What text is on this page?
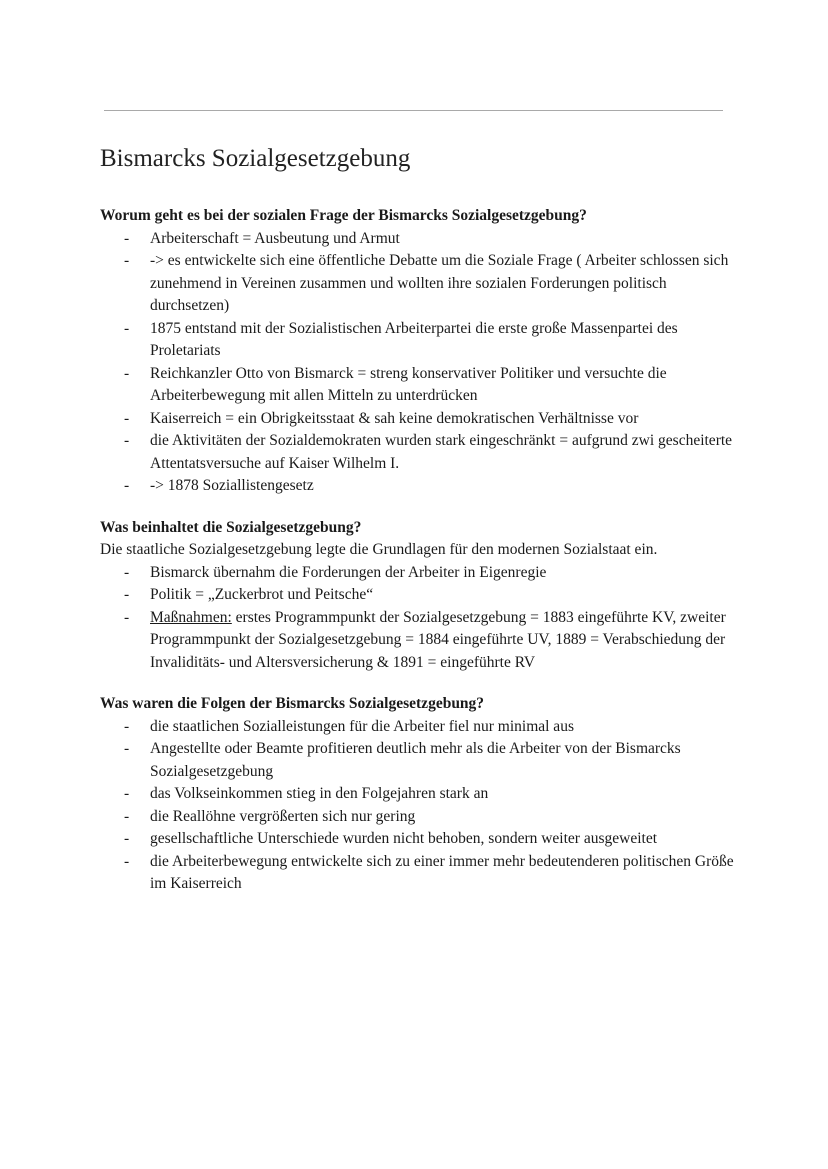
Bismarcks Sozialgesetzgebung

Worum geht es bei der sozialen Frage der Bismarcks Sozialgesetzgebung?

- Arbeiterschaft = Ausbeutung und Armut
- -> es entwickelte sich eine öffentliche Debatte um die Soziale Frage ( Arbeiter schlossen sich zunehmend in Vereinen zusammen und wollten ihre sozialen Forderungen politisch durchsetzen)
- 1875 entstand mit der Sozialistischen Arbeiterpartei die erste große Massenpartei des Proletariats
- Reichkanzler Otto von Bismarck = streng konservativer Politiker und versuchte die Arbeiterbewegung mit allen Mitteln zu unterdrücken
- Kaiserreich = ein Obrigkeitsstaat & sah keine demokratischen Verhältnisse vor
- die Aktivitäten der Sozialdemokraten wurden stark eingeschränkt = aufgrund zwi gescheiterte Attentatsversuche auf Kaiser Wilhelm I.
- -> 1878 Soziallistengesetz

Was beinhaltet die Sozialgesetzgebung?

Die staatliche Sozialgesetzgebung legte die Grundlagen für den modernen Sozialstaat ein.

- Bismarck übernahm die Forderungen der Arbeiter in Eigenregie
- Politik = „Zuckerbrot und Peitsche“
- Maßnahmen: erstes Programmpunkt der Sozialgesetzgebung = 1883 eingeführte KV, zweiter Programmpunkt der Sozialgesetzgebung = 1884 eingeführte UV, 1889 = Verabschiedung der Invaliditäts- und Altersversicherung & 1891 = eingeführte RV

Was waren die Folgen der Bismarcks Sozialgesetzgebung?

- die staatlichen Sozialleistungen für die Arbeiter fiel nur minimal aus
- Angestellte oder Beamte profitieren deutlich mehr als die Arbeiter von der Bismarcks Sozialgesetzgebung
- das Volkseinkommen stieg in den Folgejahren stark an
- die Reallöhne vergrößerten sich nur gering
- gesellschaftliche Unterschiede wurden nicht behoben, sondern weiter ausgeweitet
- die Arbeiterbewegung entwickelte sich zu einer immer mehr bedeutenderen politischen Größe im Kaiserreich
